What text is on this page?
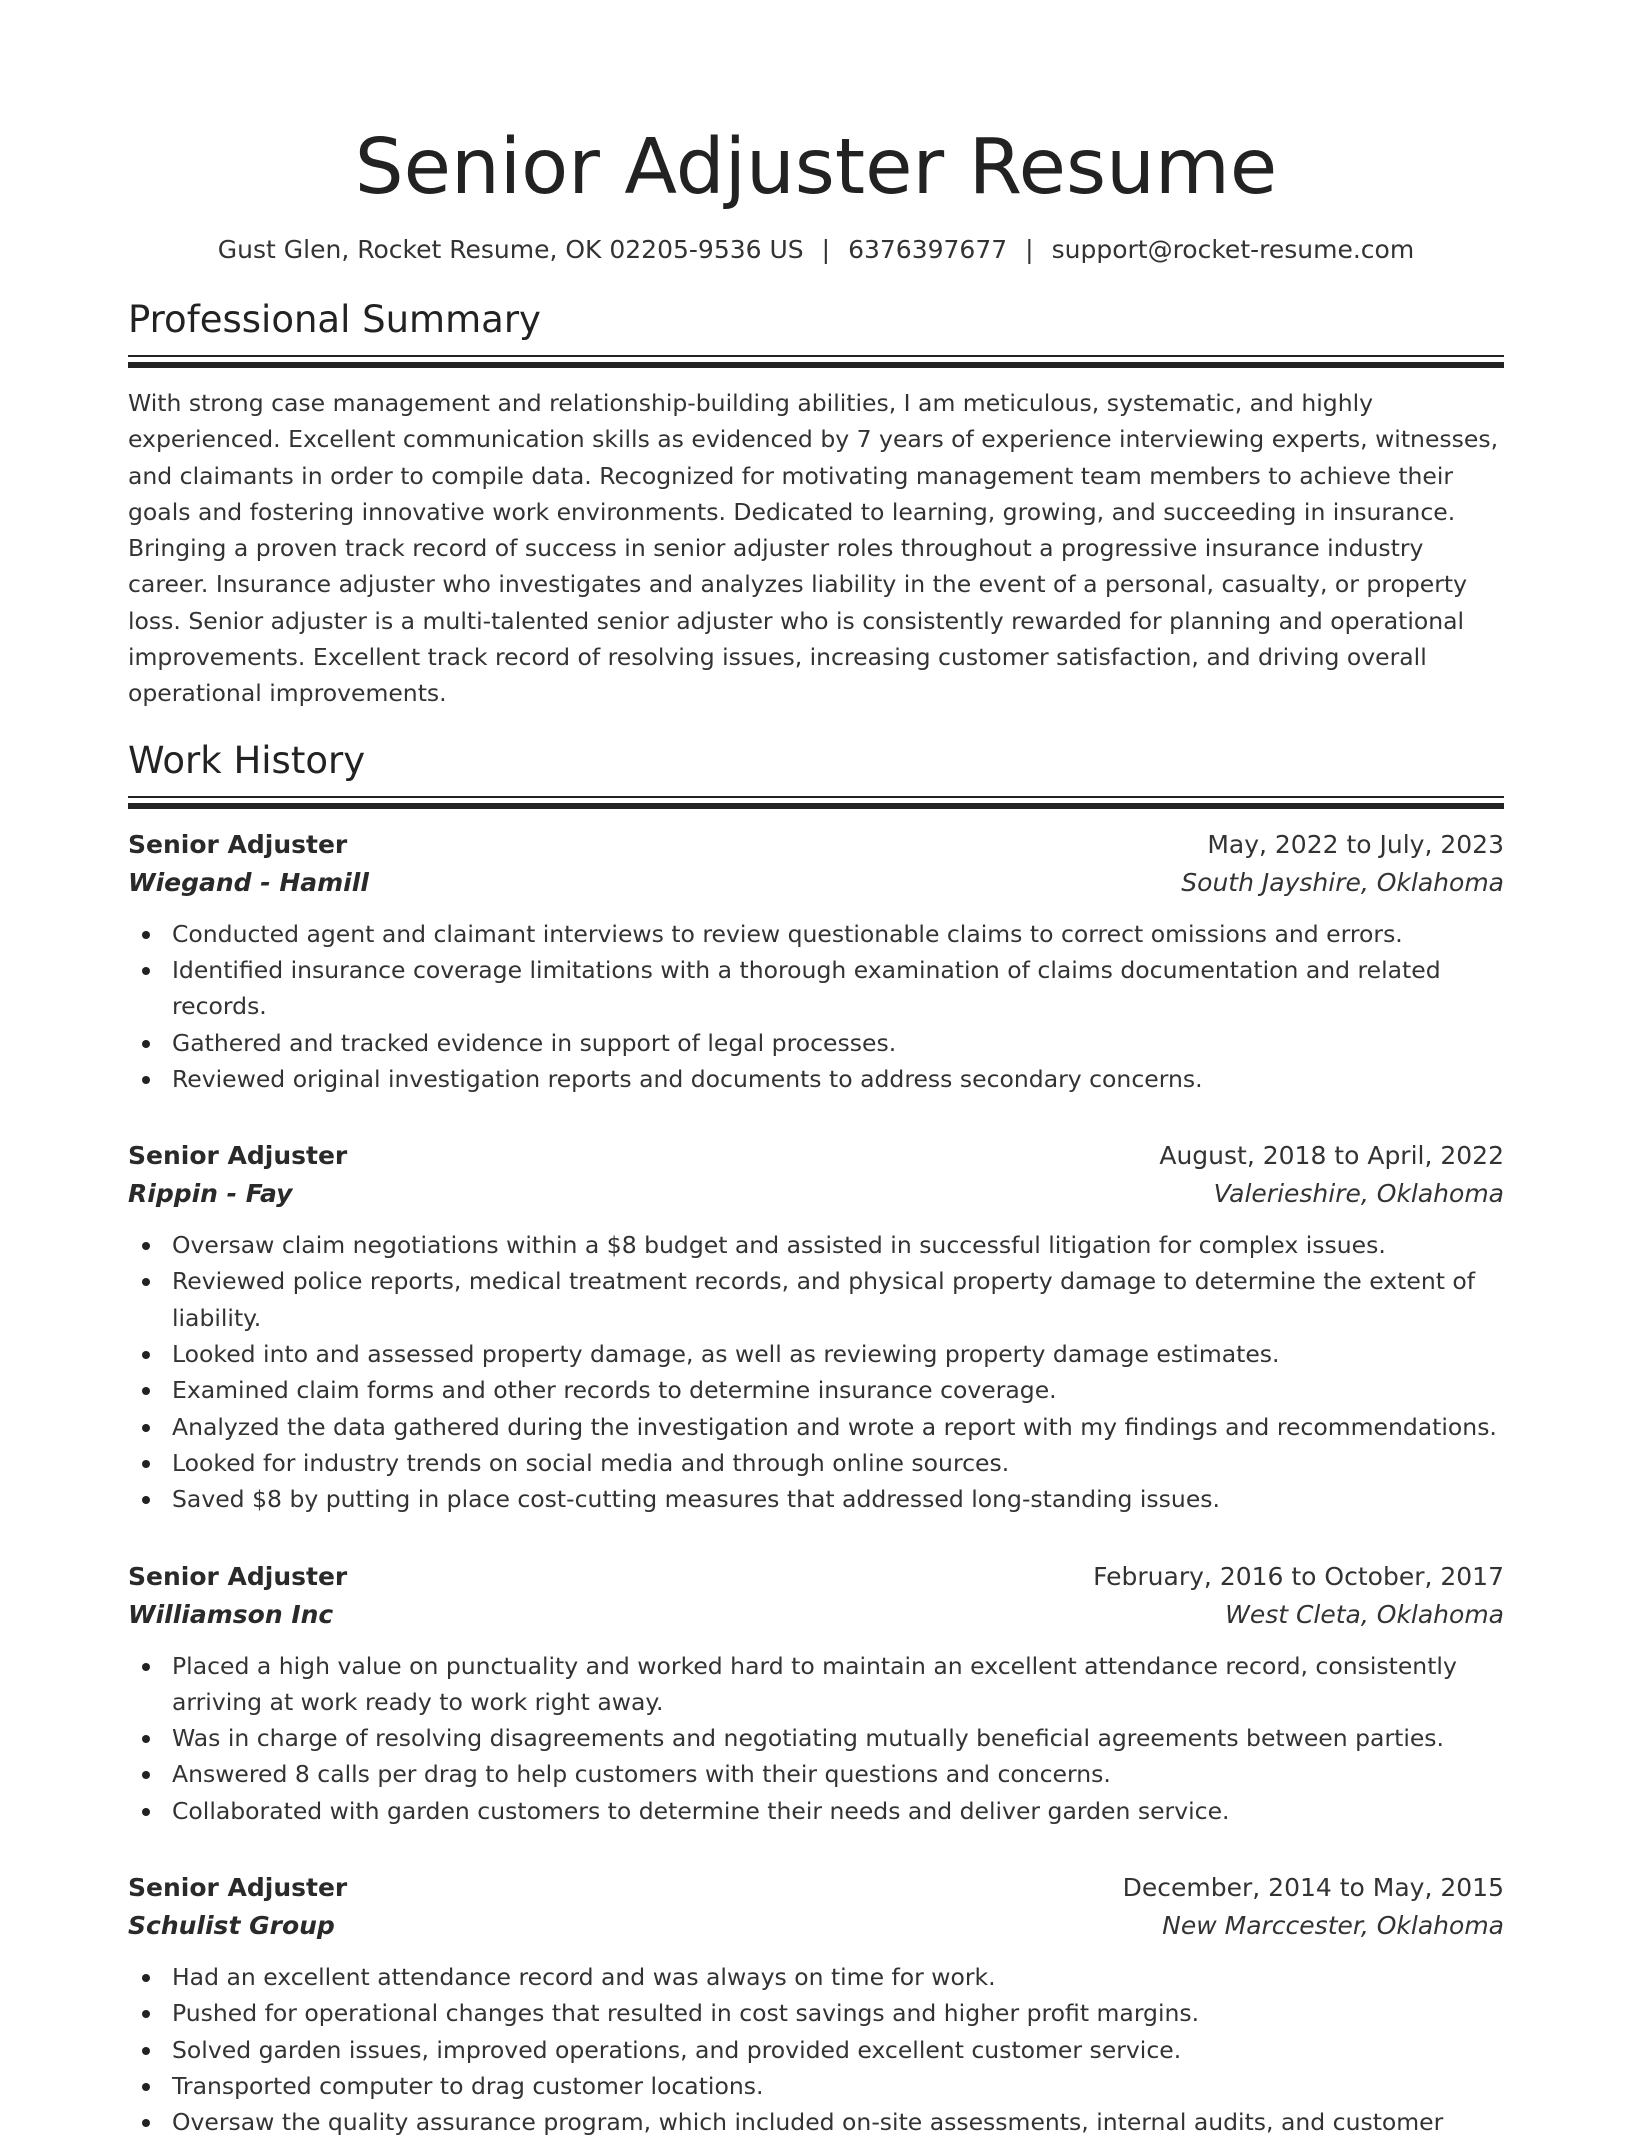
Senior Adjuster Resume
Gust Glen, Rocket Resume, OK 02205-9536 US | 6376397677 | support@rocket-resume.com
Professional Summary

With strong case management and relationship-building abilities, I am meticulous, systematic, and highly experienced. Excellent communication skills as evidenced by 7 years of experience interviewing experts, witnesses, and claimants in order to compile data. Recognized for motivating management team members to achieve their goals and fostering innovative work environments. Dedicated to learning, growing, and succeeding in insurance. Bringing a proven track record of success in senior adjuster roles throughout a progressive insurance industry career. Insurance adjuster who investigates and analyzes liability in the event of a personal, casualty, or property loss. Senior adjuster is a multi-talented senior adjuster who is consistently rewarded for planning and operational improvements. Excellent track record of resolving issues, increasing customer satisfaction, and driving overall operational improvements.

Work History
Senior Adjuster	May, 2022 to July, 2023
Wiegand - Hamill	South Jayshire, Oklahoma
Conducted agent and claimant interviews to review questionable claims to correct omissions and errors.
Identified insurance coverage limitations with a thorough examination of claims documentation and related records.
Gathered and tracked evidence in support of legal processes.
Reviewed original investigation reports and documents to address secondary concerns.
Senior Adjuster	August, 2018 to April, 2022
Rippin - Fay	Valerieshire, Oklahoma
Oversaw claim negotiations within a $8 budget and assisted in successful litigation for complex issues.
Reviewed police reports, medical treatment records, and physical property damage to determine the extent of liability.
Looked into and assessed property damage, as well as reviewing property damage estimates.
Examined claim forms and other records to determine insurance coverage.
Analyzed the data gathered during the investigation and wrote a report with my findings and recommendations.
Looked for industry trends on social media and through online sources.
Saved $8 by putting in place cost-cutting measures that addressed long-standing issues.
Senior Adjuster	February, 2016 to October, 2017
Williamson Inc	West Cleta, Oklahoma
Placed a high value on punctuality and worked hard to maintain an excellent attendance record, consistently arriving at work ready to work right away.
Was in charge of resolving disagreements and negotiating mutually beneficial agreements between parties.
Answered 8 calls per drag to help customers with their questions and concerns.
Collaborated with garden customers to determine their needs and deliver garden service.
Senior Adjuster	December, 2014 to May, 2015
Schulist Group	New Marccester, Oklahoma
Had an excellent attendance record and was always on time for work.
Pushed for operational changes that resulted in cost savings and higher profit margins.
Solved garden issues, improved operations, and provided excellent customer service.
Transported computer to drag customer locations.
Oversaw the quality assurance program, which included on-site assessments, internal audits, and customer
